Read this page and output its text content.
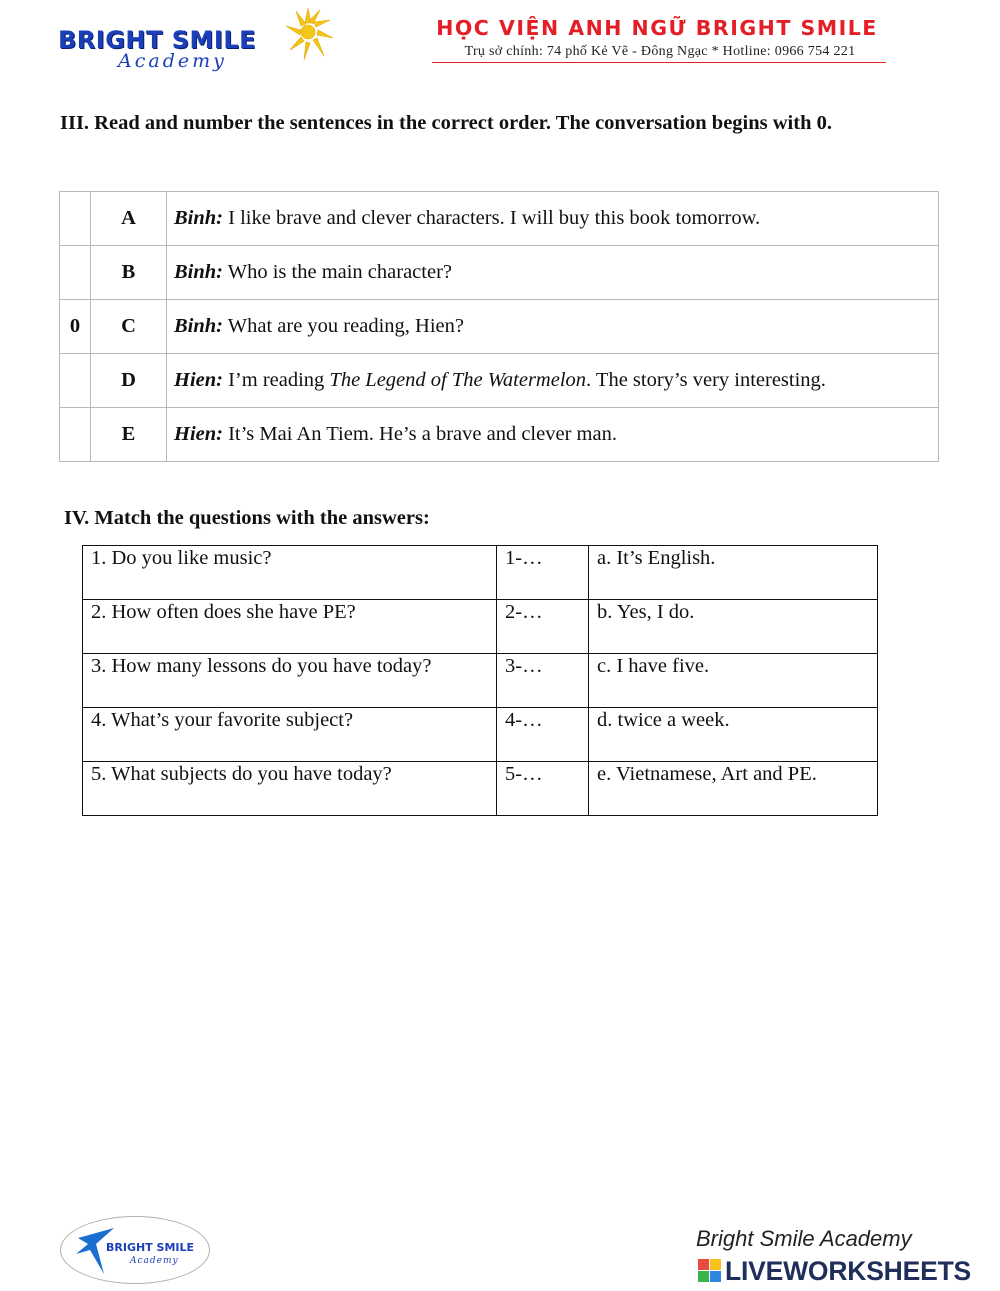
BRIGHT SMILE
Academy
HỌC VIỆN ANH NGỮ BRIGHT SMILE
Trụ sở chính: 74 phố Kẻ Vẽ - Đông Ngạc * Hotline: 0966 754 221
III. Read and number the sentences in the correct order. The conversation begins with 0.
	A	Binh: I like brave and clever characters. I will buy this book tomorrow.
	B	Binh: Who is the main character?
0	C	Binh: What are you reading, Hien?
	D	Hien: I’m reading The Legend of The Watermelon. The story’s very interesting.
	E	Hien: It’s Mai An Tiem. He’s a brave and clever man.
IV. Match the questions with the answers:
1. Do you like music?	1-…	a. It’s English.
2. How often does she have PE?	2-…	b. Yes, I do.
3. How many lessons do you have today?	3-…	c. I have five.
4. What’s your favorite subject?	4-…	d. twice a week.
5. What subjects do you have today?	5-…	e. Vietnamese, Art and PE.
BRIGHT SMILE
Academy
Bright Smile Academy
LIVEWORKSHEETS
